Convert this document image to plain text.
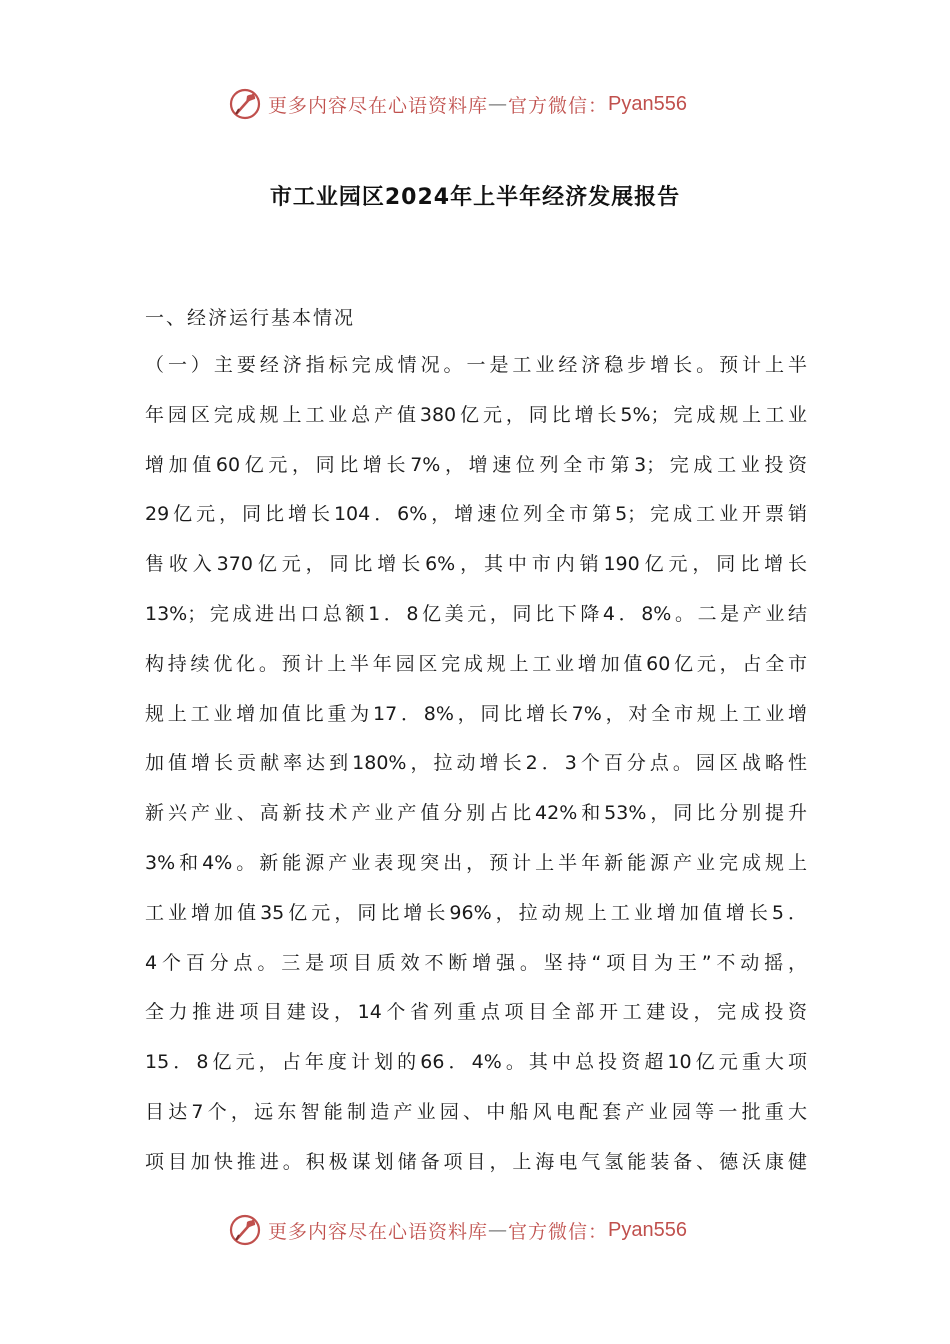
更多内容尽在心语资料库 — 官方微信： Pyan556
市工业园区2024年上半年经济发展报告
一、经济运行基本情况
（一）主要经济指标完成情况。一是工业经济稳步增长。预计上半
年园区完成规上工业总产值380亿元，同比增长5%；完成规上工业
增加值60亿元，同比增长7%，增速位列全市第3；完成工业投资
29亿元，同比增长104．6%，增速位列全市第5；完成工业开票销
售收入370亿元，同比增长6%，其中市内销190亿元，同比增长
13%；完成进出口总额1．8亿美元，同比下降4．8%。二是产业结
构持续优化。预计上半年园区完成规上工业增加值60亿元，占全市
规上工业增加值比重为17．8%，同比增长7%，对全市规上工业增
加值增长贡献率达到180%，拉动增长2．3个百分点。园区战略性
新兴产业、高新技术产业产值分别占比42%和53%，同比分别提升
3%和4%。新能源产业表现突出，预计上半年新能源产业完成规上
工业增加值35亿元，同比增长96%，拉动规上工业增加值增长5．
4个百分点。三是项目质效不断增强。坚持“项目为王”不动摇，
全力推进项目建设，14个省列重点项目全部开工建设，完成投资
15．8亿元，占年度计划的66．4%。其中总投资超10亿元重大项
目达7个，远东智能制造产业园、中船风电配套产业园等一批重大
项目加快推进。积极谋划储备项目，上海电气氢能装备、德沃康健
更多内容尽在心语资料库 — 官方微信： Pyan556
